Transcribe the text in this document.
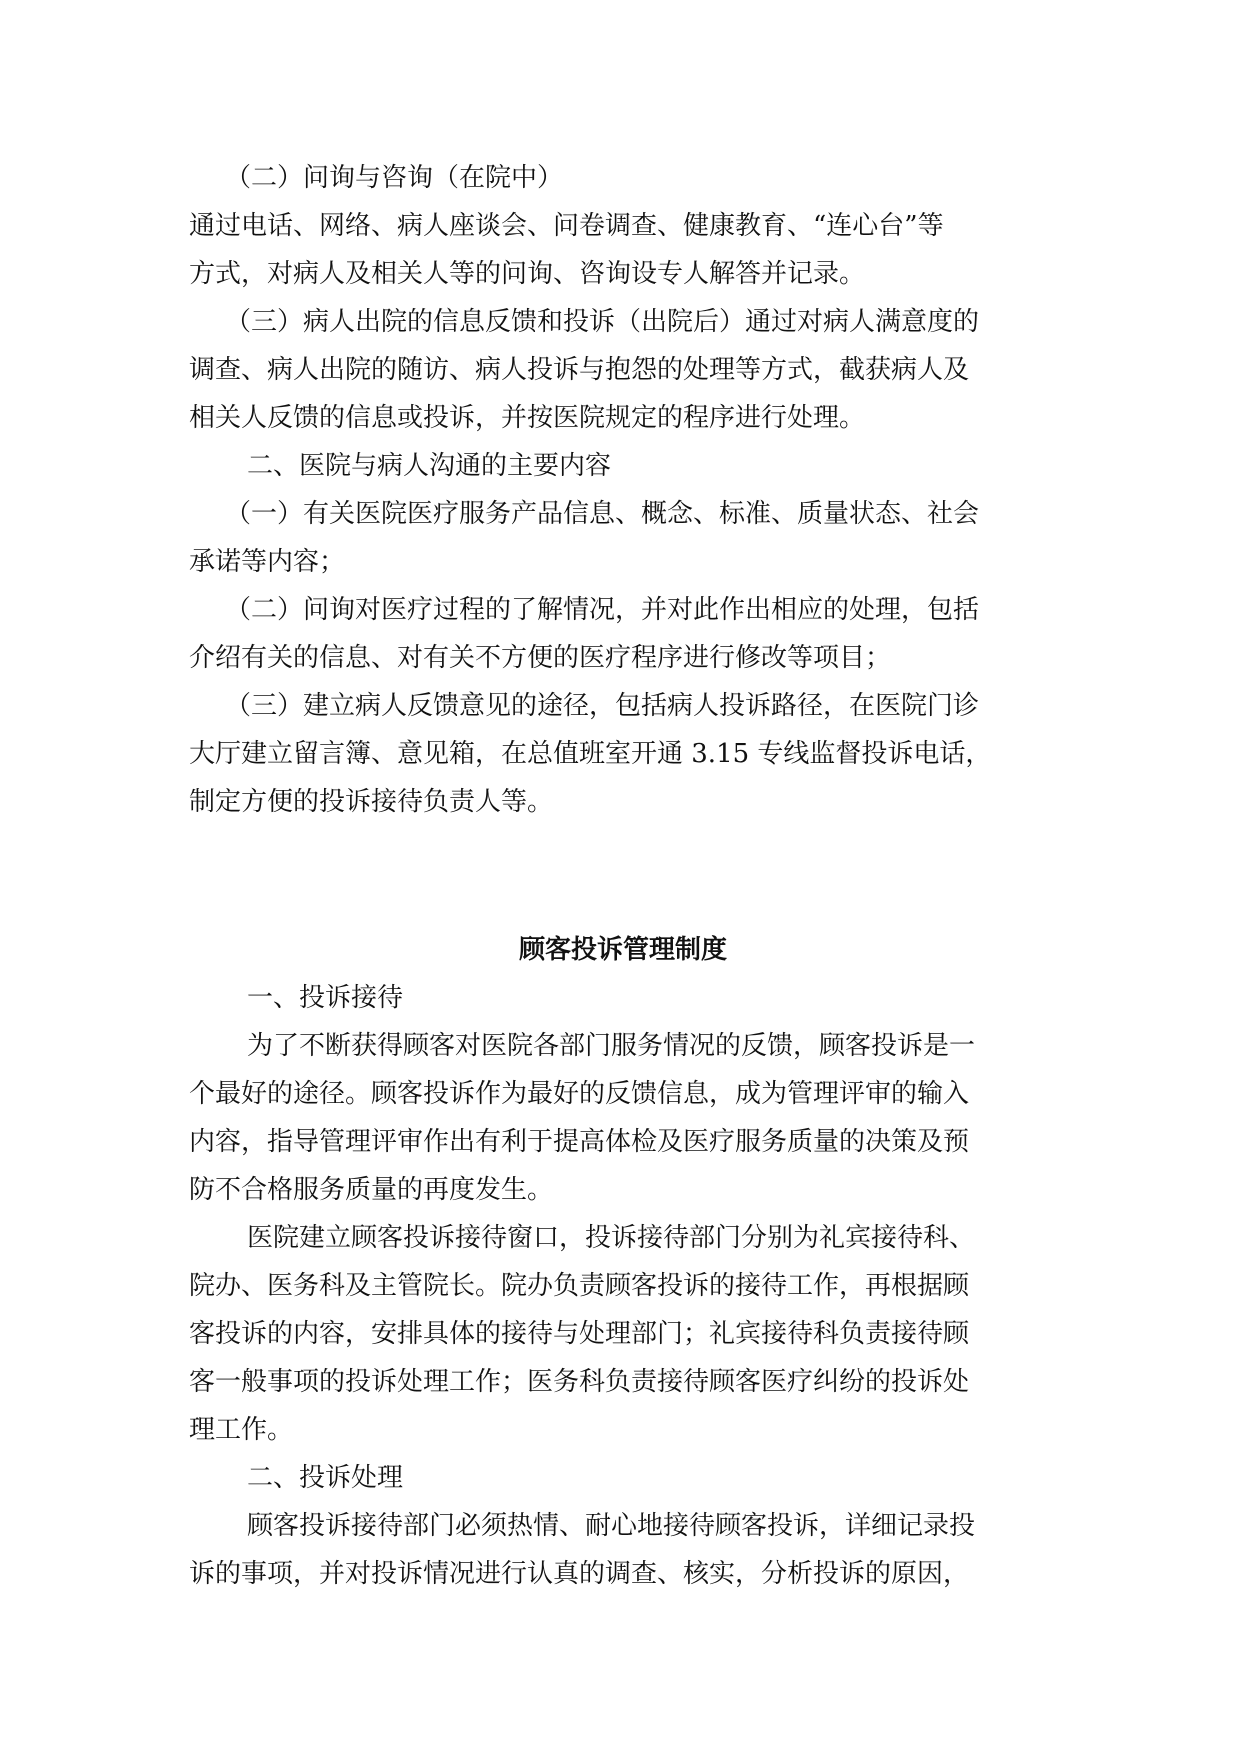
（二）问询与咨询（在院中）
通过电话、网络、病人座谈会、问卷调查、健康教育、“连心台”等
方式，对病人及相关人等的问询、咨询设专人解答并记录。
（三）病人出院的信息反馈和投诉（出院后）通过对病人满意度的
调查、病人出院的随访、病人投诉与抱怨的处理等方式，截获病人及
相关人反馈的信息或投诉，并按医院规定的程序进行处理。
二、医院与病人沟通的主要内容
（一）有关医院医疗服务产品信息、概念、标准、质量状态、社会
承诺等内容；
（二）问询对医疗过程的了解情况，并对此作出相应的处理，包括
介绍有关的信息、对有关不方便的医疗程序进行修改等项目；
（三）建立病人反馈意见的途径，包括病人投诉路径，在医院门诊
大厅建立留言簿、意见箱，在总值班室开通 3.15 专线监督投诉电话，
制定方便的投诉接待负责人等。
顾客投诉管理制度
一、投诉接待
为了不断获得顾客对医院各部门服务情况的反馈，顾客投诉是一
个最好的途径。顾客投诉作为最好的反馈信息，成为管理评审的输入
内容，指导管理评审作出有利于提高体检及医疗服务质量的决策及预
防不合格服务质量的再度发生。
医院建立顾客投诉接待窗口，投诉接待部门分别为礼宾接待科、
院办、医务科及主管院长。院办负责顾客投诉的接待工作，再根据顾
客投诉的内容，安排具体的接待与处理部门；礼宾接待科负责接待顾
客一般事项的投诉处理工作；医务科负责接待顾客医疗纠纷的投诉处
理工作。
二、投诉处理
顾客投诉接待部门必须热情、耐心地接待顾客投诉，详细记录投
诉的事项，并对投诉情况进行认真的调查、核实，分析投诉的原因，
